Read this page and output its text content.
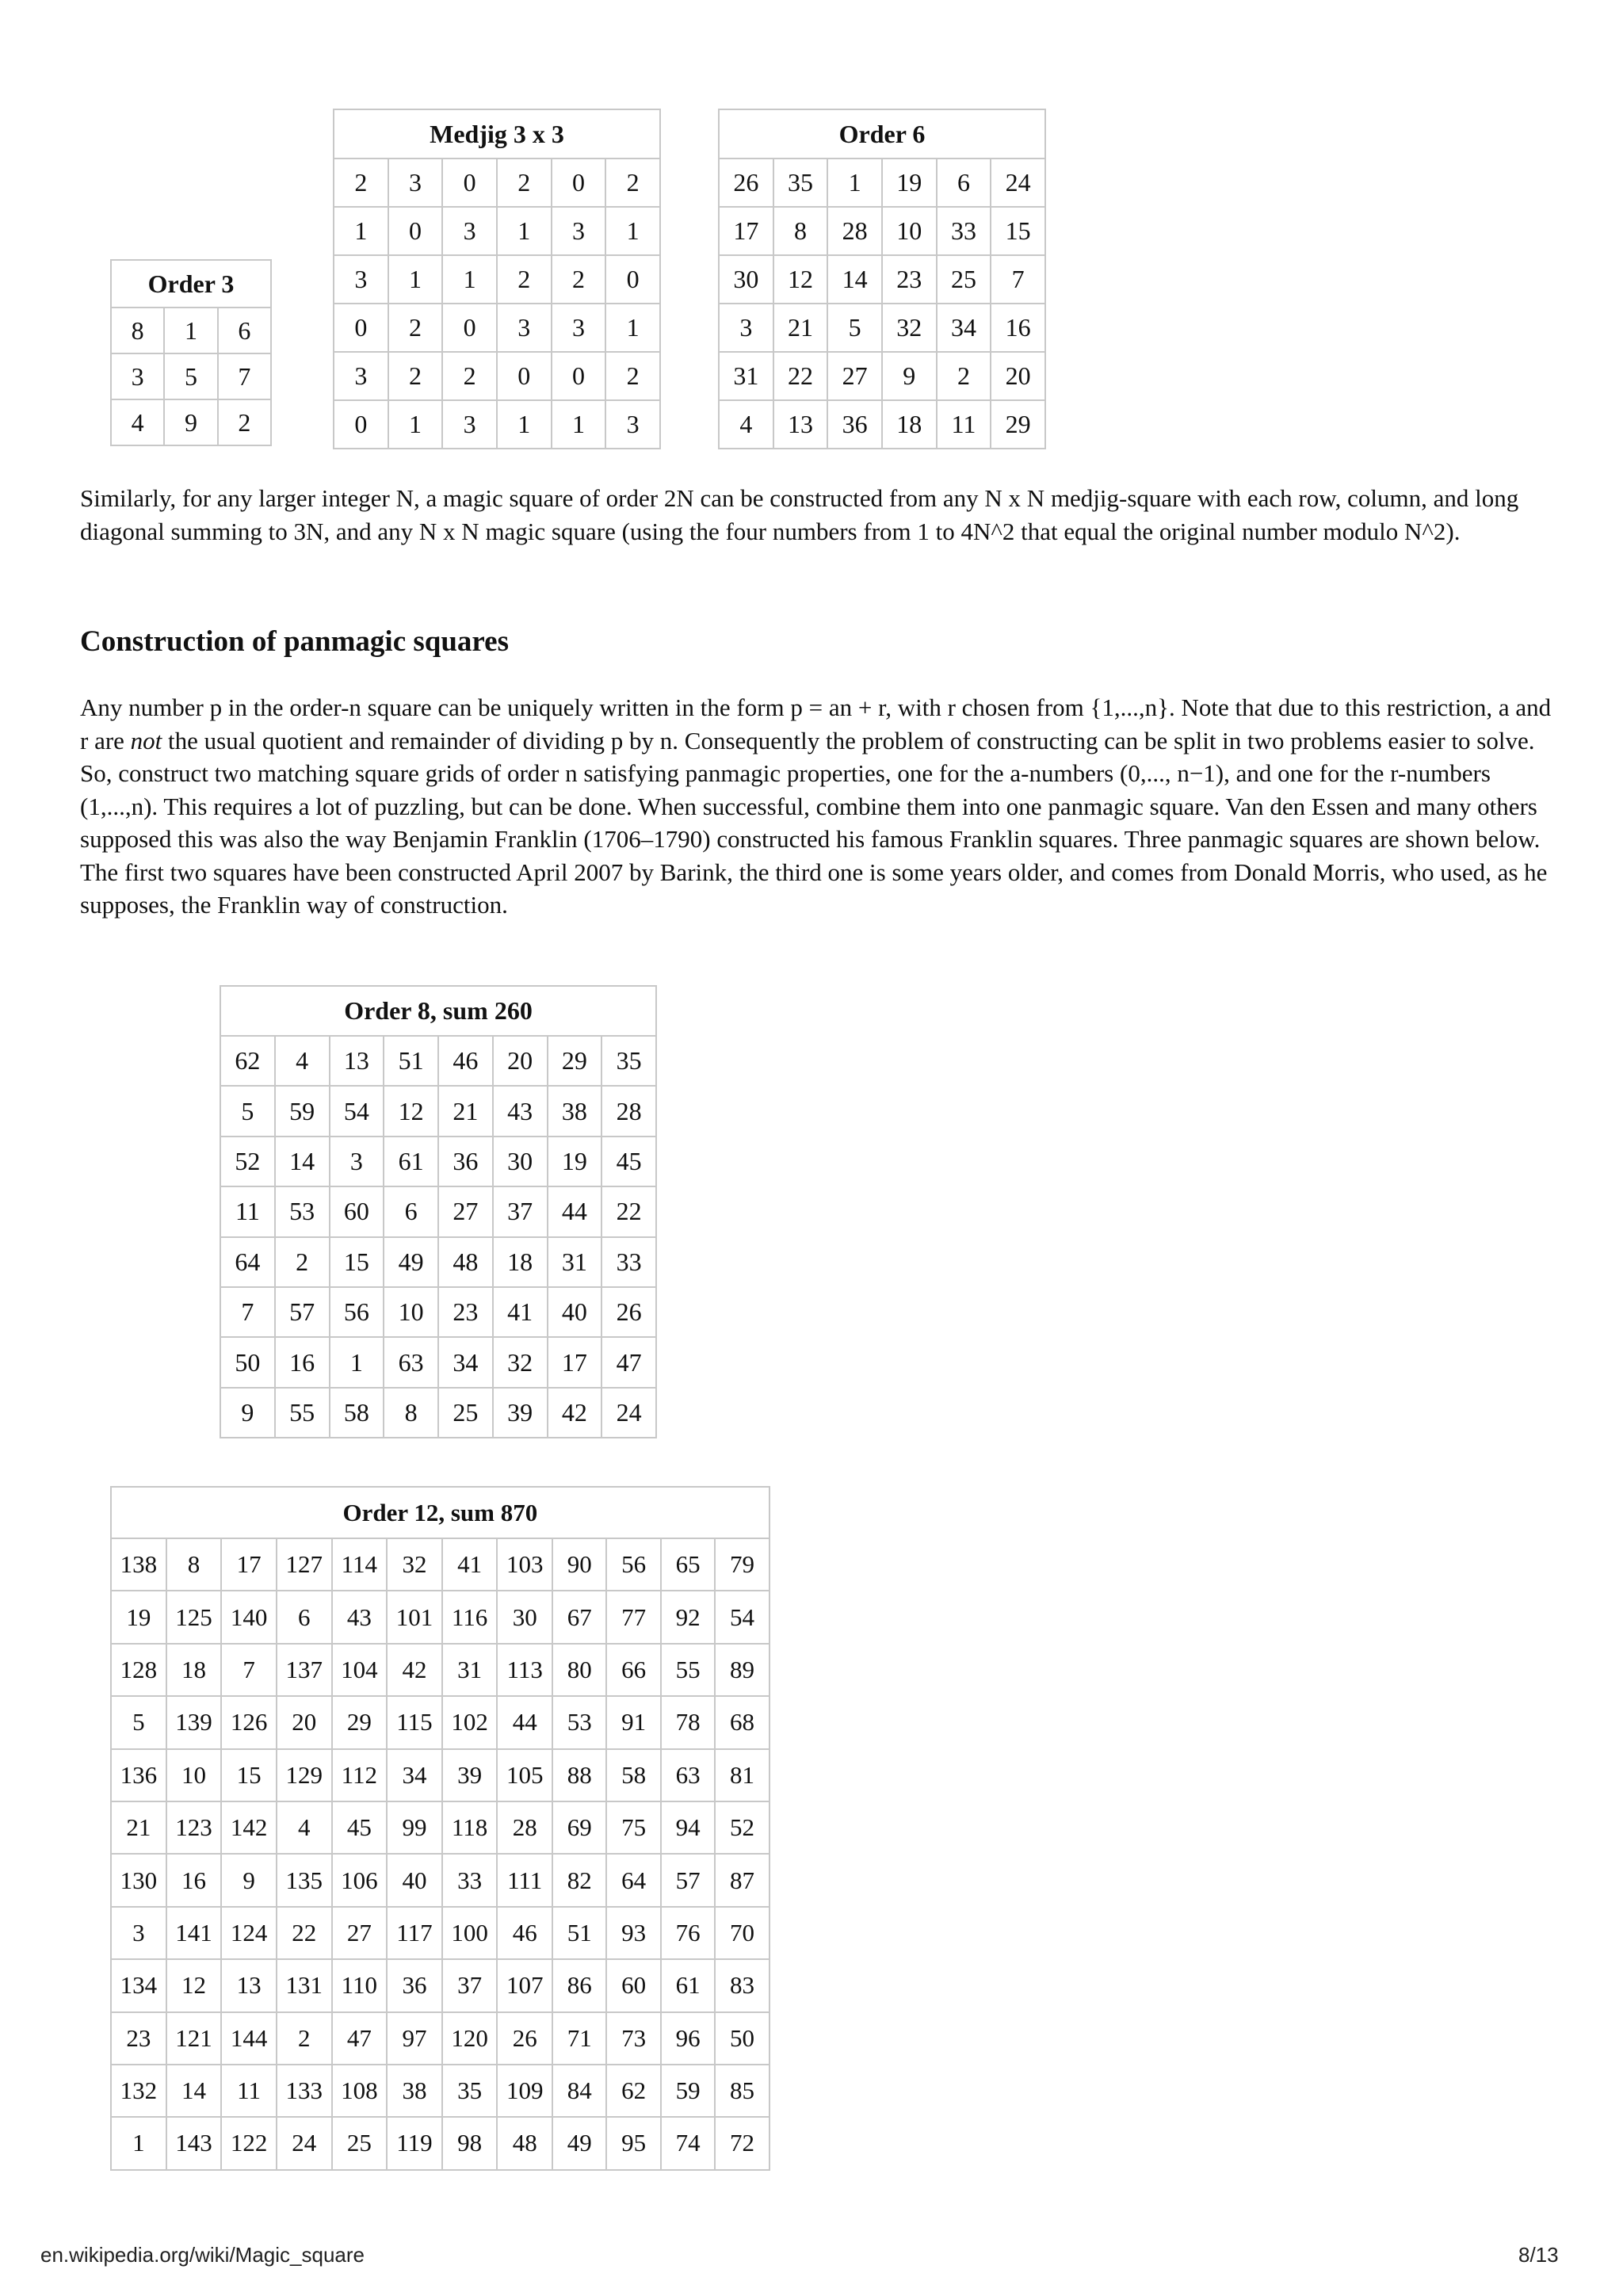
Order 3		
8	1	6
3	5	7
4	9	2
Medjig 3 x 3					
2	3	0	2	0	2
1	0	3	1	3	1
3	1	1	2	2	0
0	2	0	3	3	1
3	2	2	0	0	2
0	1	3	1	1	3
Order 6					
26	35	1	19	6	24
17	8	28	10	33	15
30	12	14	23	25	7
3	21	5	32	34	16
31	22	27	9	2	20
4	13	36	18	11	29

Similarly, for any larger integer N, a magic square of order 2N can be constructed from any N x N medjig-square with each row, column, and long diagonal summing to 3N, and any N x N magic square (using the four numbers from 1 to 4N^2 that equal the original number modulo N^2).

Construction of panmagic squares

Any number p in the order-n square can be uniquely written in the form p = an + r, with r chosen from {1,...,n}. Note that due to this restriction, a and r are not the usual quotient and remainder of dividing p by n. Consequently the problem of constructing can be split in two problems easier to solve. So, construct two matching square grids of order n satisfying panmagic properties, one for the a-numbers (0,..., n−1), and one for the r-numbers (1,...,n). This requires a lot of puzzling, but can be done. When successful, combine them into one panmagic square. Van den Essen and many others supposed this was also the way Benjamin Franklin (1706–1790) constructed his famous Franklin squares. Three panmagic squares are shown below. The first two squares have been constructed April 2007 by Barink, the third one is some years older, and comes from Donald Morris, who used, as he supposes, the Franklin way of construction.

Order 8, sum 260							
62	4	13	51	46	20	29	35
5	59	54	12	21	43	38	28
52	14	3	61	36	30	19	45
11	53	60	6	27	37	44	22
64	2	15	49	48	18	31	33
7	57	56	10	23	41	40	26
50	16	1	63	34	32	17	47
9	55	58	8	25	39	42	24
Order 12, sum 870											
138	8	17	127	114	32	41	103	90	56	65	79
19	125	140	6	43	101	116	30	67	77	92	54
128	18	7	137	104	42	31	113	80	66	55	89
5	139	126	20	29	115	102	44	53	91	78	68
136	10	15	129	112	34	39	105	88	58	63	81
21	123	142	4	45	99	118	28	69	75	94	52
130	16	9	135	106	40	33	111	82	64	57	87
3	141	124	22	27	117	100	46	51	93	76	70
134	12	13	131	110	36	37	107	86	60	61	83
23	121	144	2	47	97	120	26	71	73	96	50
132	14	11	133	108	38	35	109	84	62	59	85
1	143	122	24	25	119	98	48	49	95	74	72
en.wikipedia.org/wiki/Magic_square	8/13
